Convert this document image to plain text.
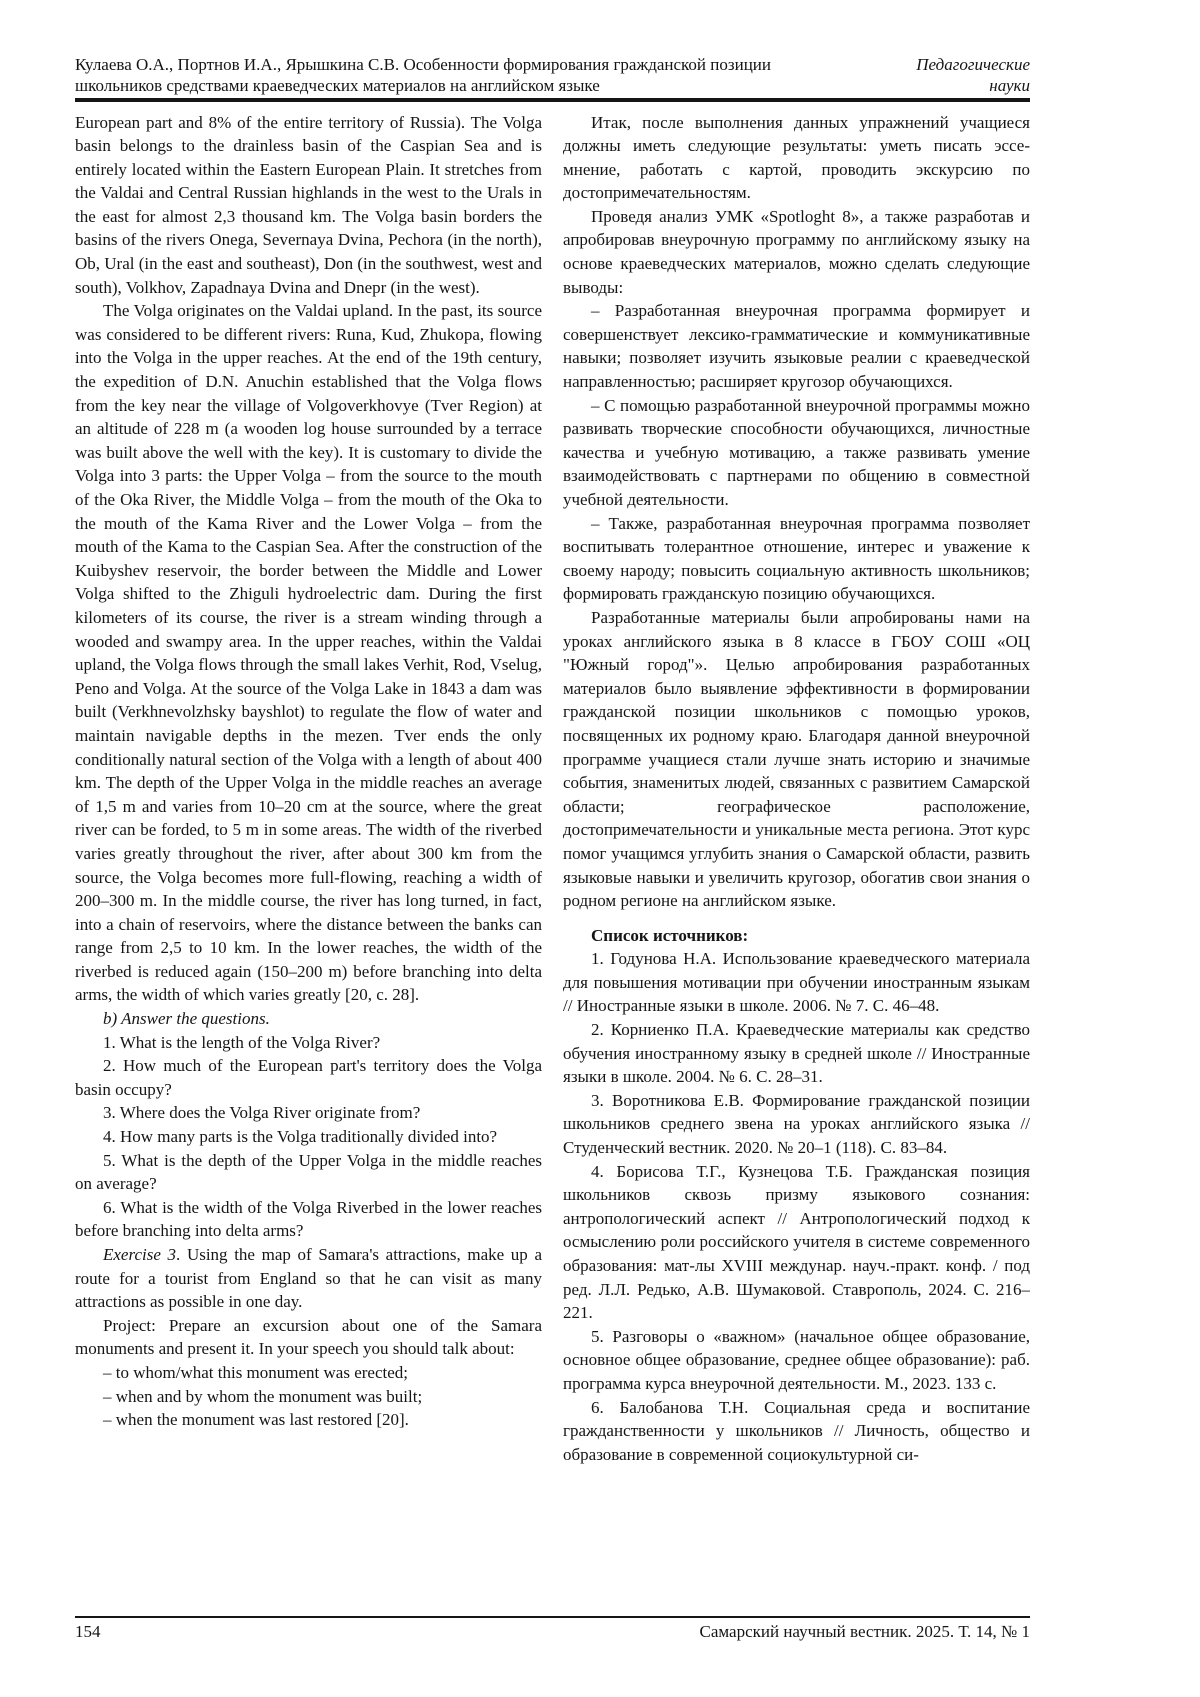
Кулаева О.А., Портнов И.А., Ярышкина С.В. Особенности формирования гражданской позиции
школьников средствами краеведческих материалов на английском языке
Педагогические
науки

European part and 8% of the entire territory of Russia). The Volga basin belongs to the drainless basin of the Caspian Sea and is entirely located within the Eastern European Plain. It stretches from the Valdai and Central Russian highlands in the west to the Urals in the east for almost 2,3 thousand km. The Volga basin borders the basins of the rivers Onega, Severnaya Dvina, Pechora (in the north), Ob, Ural (in the east and southeast), Don (in the southwest, west and south), Volkhov, Zapadnaya Dvina and Dnepr (in the west).

The Volga originates on the Valdai upland. In the past, its source was considered to be different rivers: Runa, Kud, Zhukopa, flowing into the Volga in the upper reaches. At the end of the 19th century, the expedition of D.N. Anuchin established that the Volga flows from the key near the village of Volgoverkhovye (Tver Region) at an altitude of 228 m (a wooden log house surrounded by a terrace was built above the well with the key). It is customary to divide the Volga into 3 parts: the Upper Volga – from the source to the mouth of the Oka River, the Middle Volga – from the mouth of the Oka to the mouth of the Kama River and the Lower Volga – from the mouth of the Kama to the Caspian Sea. After the construction of the Kuibyshev reservoir, the border between the Middle and Lower Volga shifted to the Zhiguli hydroelectric dam. During the first kilometers of its course, the river is a stream winding through a wooded and swampy area. In the upper reaches, within the Valdai upland, the Volga flows through the small lakes Verhit, Rod, Vselug, Peno and Volga. At the source of the Volga Lake in 1843 a dam was built (Verkhnevolzhsky bayshlot) to regulate the flow of water and maintain navigable depths in the mezen. Tver ends the only conditionally natural section of the Volga with a length of about 400 km. The depth of the Upper Volga in the middle reaches an average of 1,5 m and varies from 10–20 cm at the source, where the great river can be forded, to 5 m in some areas. The width of the riverbed varies greatly throughout the river, after about 300 km from the source, the Volga becomes more full-flowing, reaching a width of 200–300 m. In the middle course, the river has long turned, in fact, into a chain of reservoirs, where the distance between the banks can range from 2,5 to 10 km. In the lower reaches, the width of the riverbed is reduced again (150–200 m) before branching into delta arms, the width of which varies greatly [20, с. 28].

b) Answer the questions.

1. What is the length of the Volga River?

2. How much of the European part's territory does the Volga basin occupy?

3. Where does the Volga River originate from?

4. How many parts is the Volga traditionally divided into?

5. What is the depth of the Upper Volga in the middle reaches on average?

6. What is the width of the Volga Riverbed in the lower reaches before branching into delta arms?

Exercise 3. Using the map of Samara's attractions, make up a route for a tourist from England so that he can visit as many attractions as possible in one day.

Project: Prepare an excursion about one of the Samara monuments and present it. In your speech you should talk about:

– to whom/what this monument was erected;

– when and by whom the monument was built;

– when the monument was last restored [20].

Итак, после выполнения данных упражнений учащиеся должны иметь следующие результаты: уметь писать эссе-мнение, работать с картой, проводить экскурсию по достопримечательностям.

Проведя анализ УМК «Spotloght 8», а также разработав и апробировав внеурочную программу по английскому языку на основе краеведческих материалов, можно сделать следующие выводы:

– Разработанная внеурочная программа формирует и совершенствует лексико-грамматические и коммуникативные навыки; позволяет изучить языковые реалии с краеведческой направленностью; расширяет кругозор обучающихся.

– С помощью разработанной внеурочной программы можно развивать творческие способности обучающихся, личностные качества и учебную мотивацию, а также развивать умение взаимодействовать с партнерами по общению в совместной учебной деятельности.

– Также, разработанная внеурочная программа позволяет воспитывать толерантное отношение, интерес и уважение к своему народу; повысить социальную активность школьников; формировать гражданскую позицию обучающихся.

Разработанные материалы были апробированы нами на уроках английского языка в 8 классе в ГБОУ СОШ «ОЦ "Южный город"». Целью апробирования разработанных материалов было выявление эффективности в формировании гражданской позиции школьников с помощью уроков, посвященных их родному краю. Благодаря данной внеурочной программе учащиеся стали лучше знать историю и значимые события, знаменитых людей, связанных с развитием Самарской области; географическое расположение, достопримечательности и уникальные места региона. Этот курс помог учащимся углубить знания о Самарской области, развить языковые навыки и увеличить кругозор, обогатив свои знания о родном регионе на английском языке.

Список источников:

1. Годунова Н.А. Использование краеведческого материала для повышения мотивации при обучении иностранным языкам // Иностранные языки в школе. 2006. № 7. С. 46–48.

2. Корниенко П.А. Краеведческие материалы как средство обучения иностранному языку в средней школе // Иностранные языки в школе. 2004. № 6. С. 28–31.

3. Воротникова Е.В. Формирование гражданской позиции школьников среднего звена на уроках английского языка // Студенческий вестник. 2020. № 20–1 (118). С. 83–84.

4. Борисова Т.Г., Кузнецова Т.Б. Гражданская позиция школьников сквозь призму языкового сознания: антропологический аспект // Антропологический подход к осмыслению роли российского учителя в системе современного образования: мат-лы XVIII междунар. науч.-практ. конф. / под ред. Л.Л. Редько, А.В. Шумаковой. Ставрополь, 2024. С. 216–221.

5. Разговоры о «важном» (начальное общее образование, основное общее образование, среднее общее образование): раб. программа курса внеурочной деятельности. М., 2023. 133 с.

6. Балобанова Т.Н. Социальная среда и воспитание гражданственности у школьников // Личность, общество и образование в современной социокультурной си-

154	Самарский научный вестник. 2025. Т. 14, № 1
